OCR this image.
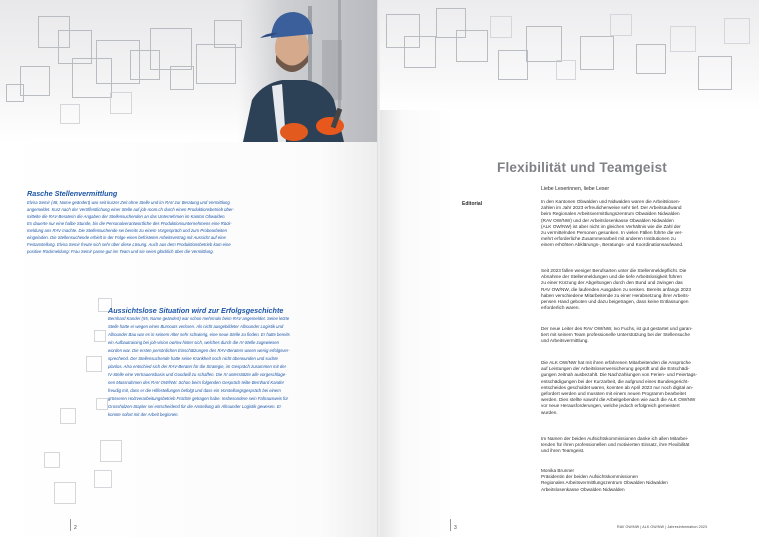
Rasche Stellenvermittlung

Elvira Semir (48, Name geändert) war seit kurzer Zeit ohne Stelle und im RAV zur Beratung und Vermittlung

angemeldet. Kurz nach der Veröffentlichung einer Stelle auf job-room.ch durch einen Produktionsbetrieb über-

mittelte die RAV-Beraterin die Angaben der Stellensuchenden an das Unternehmen im Kanton Obwalden.

Es dauerte nur eine halbe Stunde, bis die Personalverantwortliche des Produktionsunternehmens eine Rück-

meldung ans RAV machte. Die Stellensuchende sei bereits zu einem Vorgespräch und zum Probearbeiten

eingeladen. Die Stellensuchende erhielt in der Folge einen befristeten Arbeitsvertrag mit Aussicht auf eine

Festanstellung. Elvira Semir freute sich sehr über diese Lösung. Auch aus dem Produktionsbetrieb kam eine

positive Rückmeldung: Frau Semir passe gut ins Team und sie seien glücklich über die Vermittlung.

Aussichtslose Situation wird zur Erfolgsgeschichte

Bernhard Kander (55, Name geändert) war schon mehrmals beim RAV angemeldet. Seine letzte

Stelle hatte er wegen eines Burnouts verloren. Als nicht ausgebildeter Allrounder Logistik und

Allrounder Bau war es in seinem Alter sehr schwierig, eine neue Stelle zu finden. Er hatte bereits

ein Aufbautraining bei job-vision ow/nw hinter sich, welches durch die IV-Stelle zugewiesen

worden war. Die ersten persönlichen Einschätzungen des RAV-Beraters waren wenig erfolgsver-

sprechend. Der Stellensuchende hatte seine Krankheit noch nicht überwunden und suchte

planlos. Also entschied sich der RAV-Berater für die Strategie, im Gespräch zusammen mit der

IV-Stelle eine Vertrauensbasis und Goodwill zu schaffen. Die IV unterstützte alle vorgeschlage-

nen Massnahmen des RAV OW/NW. Schon beim folgenden Gespräch teilte Bernhard Kander

freudig mit, dass er die Hilfestellungen befolgt und dass ein Vorstellungsgespräch bei einem

grösseren Holzverarbeitungsbetrieb Früchte getragen habe. Insbesondere sein Fahrausweis für

Grossholzen-Stapler sei entscheidend für die Anstellung als Allrounder Logistik gewesen. Er

konnte sofort mit der Arbeit beginnen.

2
Flexibilität und Teamgeist
Liebe Leserinnen, liebe Leser
Editorial	In den Kantonen Obwalden und Nidwalden waren die Arbeitslosen-
zahlen im Jahr 2023 erfreulicherweise sehr tief. Der Arbeitsaufwand
beim Regionalen Arbeitsvermittlungszentrum Obwalden Nidwalden
(RAV OW/NW) und der Arbeitslosenkasse Obwalden Nidwalden
(ALK OW/NW) ist aber nicht im gleichen Verhältnis wie die Zahl der
zu vermittelnden Personen gesunken. In vielen Fällen führte die ver-
mehrt erforderliche Zusammenarbeit mit anderen Institutionen zu
einem erhöhten Abklärungs-, Beratungs- und Koordinationsaufwand.
Seit 2023 fallen weniger Berufsarten unter die Stellenmeldepflicht. Die
Abnahme der Stellenmeldungen und die tiefe Arbeitslosigkeit führen
zu einer Kürzung der Abgeltungen durch den Bund und zwingen das
RAV OW/NW, die laufenden Ausgaben zu senken. Bereits anfangs 2023
haben verschiedene Mitarbeitende zu einer Herabsetzung ihrer Arbeits-
pensen Hand geboten und dazu beigetragen, dass keine Entlassungen
erforderlich waren.
Der neue Leiter des RAV OW/NW, Ivo Fuchs, ist gut gestartet und garan-
tiert mit seinem Team professionelle Unterstützung bei der Stellensuche
und Arbeitsvermittlung.
Die ALK OW/NW hat mit ihren erfahrenen Mitarbeitenden die Ansprüche
auf Leistungen der Arbeitslosenversicherung geprüft und die Entschädi-
gungen zeitnah ausbezahlt. Die Nachzahlungen von Ferien- und Feiertags-
entschädigungen bei der Kurzarbeit, die aufgrund eines Bundesgericht-
entscheides geschuldet waren, konnten ab April 2023 nur noch digital an-
gefordert werden und mussten mit einem neuen Programm bearbeitet
werden. Dies stellte sowohl die Arbeitgebenden wie auch die ALK OW/NW
vor neue Herausforderungen, welche jedoch erfolgreich gemeistert
wurden.
Im Namen der beiden Aufsichtskommissionen danke ich allen Mitarbei-
tenden für ihren professionellen und motivierten Einsatz, ihre Flexibilität
und ihren Teamgeist.
Monika Brunner
Präsidentin der beiden Aufsichtskommissionen
Regionales Arbeitsvermittlungszentrum Obwalden Nidwalden
Arbeitslosenkasse Obwalden Nidwalden
3	RAV OW/NW | ALK OW/NW | Jahresinformation 2023
